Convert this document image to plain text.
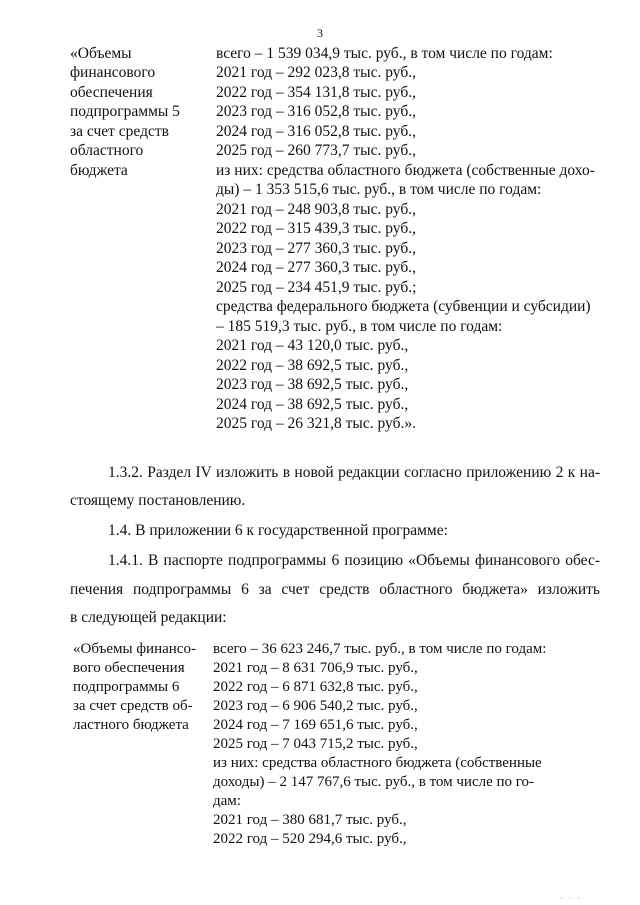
3
«Объемы
финансового
обеспечения
подпрограммы 5
за счет средств
областного
бюджета
всего – 1 539 034,9 тыс. руб., в том числе по годам:
2021 год – 292 023,8 тыс. руб.,
2022 год – 354 131,8 тыс. руб.,
2023 год – 316 052,8 тыс. руб.,
2024 год – 316 052,8 тыс. руб.,
2025 год – 260 773,7 тыс. руб.,
из них: средства областного бюджета (собственные дохо-
ды) – 1 353 515,6 тыс. руб., в том числе по годам:
2021 год – 248 903,8 тыс. руб.,
2022 год – 315 439,3 тыс. руб.,
2023 год – 277 360,3 тыс. руб.,
2024 год – 277 360,3 тыс. руб.,
2025 год – 234 451,9 тыс. руб.;
средства федерального бюджета (субвенции и субсидии)
– 185 519,3 тыс. руб., в том числе по годам:
2021 год – 43 120,0 тыс. руб.,
2022 год – 38 692,5 тыс. руб.,
2023 год – 38 692,5 тыс. руб.,
2024 год – 38 692,5 тыс. руб.,
2025 год – 26 321,8 тыс. руб.».
1.3.2. Раздел IV изложить в новой редакции согласно приложению 2 к на-
стоящему постановлению.
1.4. В приложении 6 к государственной программе:
1.4.1. В паспорте подпрограммы 6 позицию «Объемы финансового обес-
печения подпрограммы 6 за счет средств областного бюджета» изложить
в следующей редакции:
«Объемы финансо-
вого обеспечения
подпрограммы 6
за счет средств об-
ластного бюджета
всего – 36 623 246,7 тыс. руб., в том числе по годам:
2021 год – 8 631 706,9 тыс. руб.,
2022 год – 6 871 632,8 тыс. руб.,
2023 год – 6 906 540,2 тыс. руб.,
2024 год – 7 169 651,6 тыс. руб.,
2025 год – 7 043 715,2 тыс. руб.,
из них: средства областного бюджета (собственные
доходы) – 2 147 767,6 тыс. руб., в том числе по го-
дам:
2021 год – 380 681,7 тыс. руб.,
2022 год – 520 294,6 тыс. руб.,
· · ·
